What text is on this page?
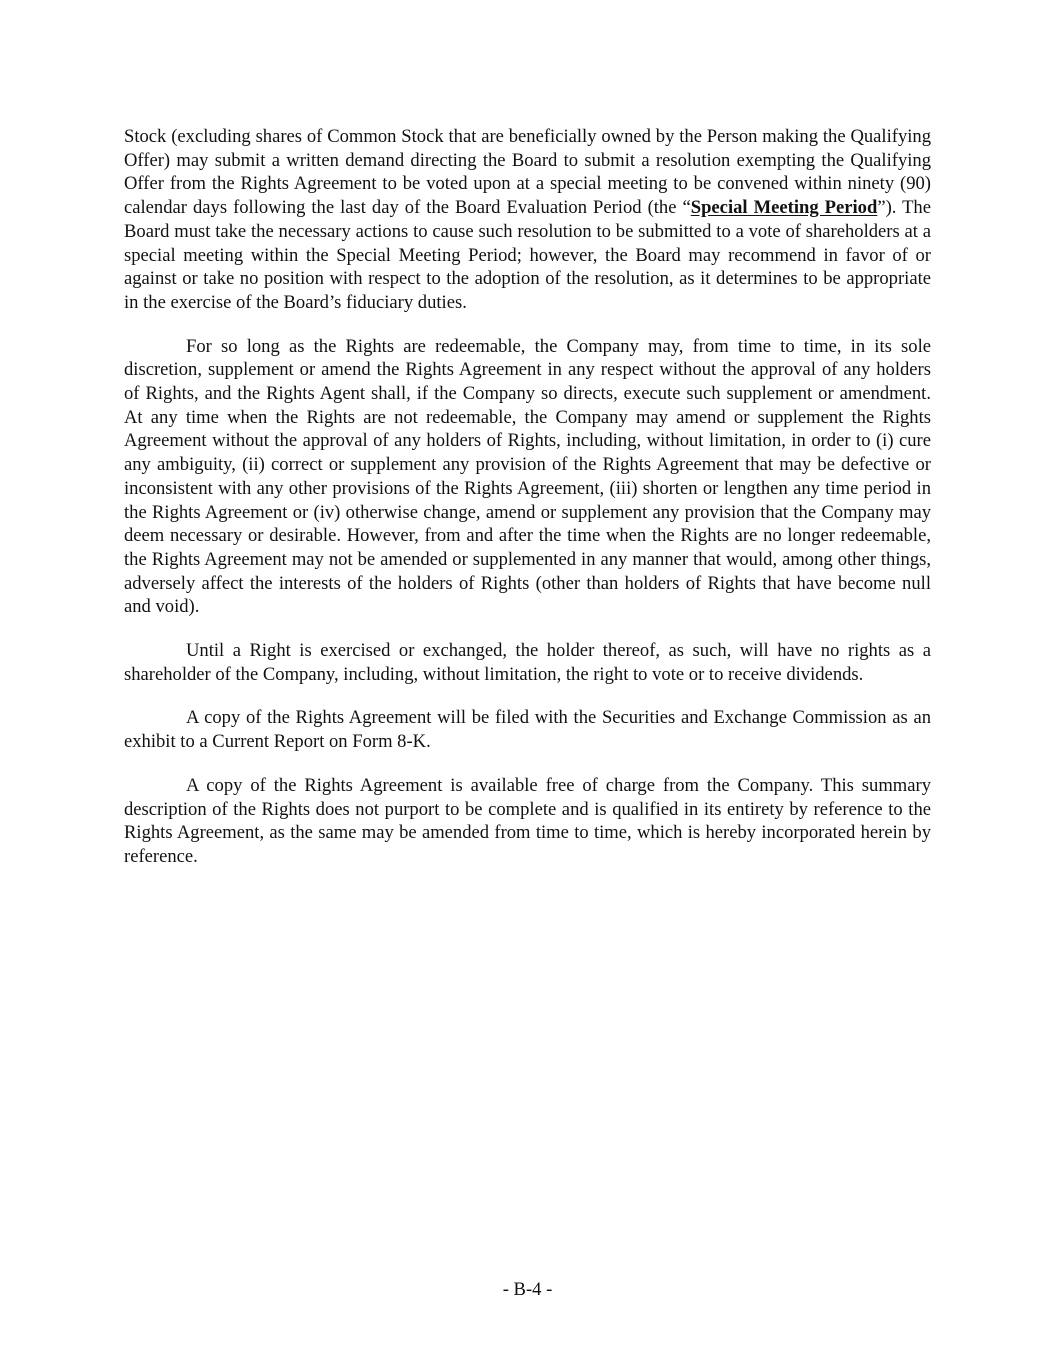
Stock (excluding shares of Common Stock that are beneficially owned by the Person making the Qualifying Offer) may submit a written demand directing the Board to submit a resolution exempting the Qualifying Offer from the Rights Agreement to be voted upon at a special meeting to be convened within ninety (90) calendar days following the last day of the Board Evaluation Period (the “Special Meeting Period”). The Board must take the necessary actions to cause such resolution to be submitted to a vote of shareholders at a special meeting within the Special Meeting Period; however, the Board may recommend in favor of or against or take no position with respect to the adoption of the resolution, as it determines to be appropriate in the exercise of the Board’s fiduciary duties.

For so long as the Rights are redeemable, the Company may, from time to time, in its sole discretion, supplement or amend the Rights Agreement in any respect without the approval of any holders of Rights, and the Rights Agent shall, if the Company so directs, execute such supplement or amendment. At any time when the Rights are not redeemable, the Company may amend or supplement the Rights Agreement without the approval of any holders of Rights, including, without limitation, in order to (i) cure any ambiguity, (ii) correct or supplement any provision of the Rights Agreement that may be defective or inconsistent with any other provisions of the Rights Agreement, (iii) shorten or lengthen any time period in the Rights Agreement or (iv) otherwise change, amend or supplement any provision that the Company may deem necessary or desirable. However, from and after the time when the Rights are no longer redeemable, the Rights Agreement may not be amended or supplemented in any manner that would, among other things, adversely affect the interests of the holders of Rights (other than holders of Rights that have become null and void).

Until a Right is exercised or exchanged, the holder thereof, as such, will have no rights as a shareholder of the Company, including, without limitation, the right to vote or to receive dividends.

A copy of the Rights Agreement will be filed with the Securities and Exchange Commission as an exhibit to a Current Report on Form 8-K.

A copy of the Rights Agreement is available free of charge from the Company. This summary description of the Rights does not purport to be complete and is qualified in its entirety by reference to the Rights Agreement, as the same may be amended from time to time, which is hereby incorporated herein by reference.

- B-4 -
